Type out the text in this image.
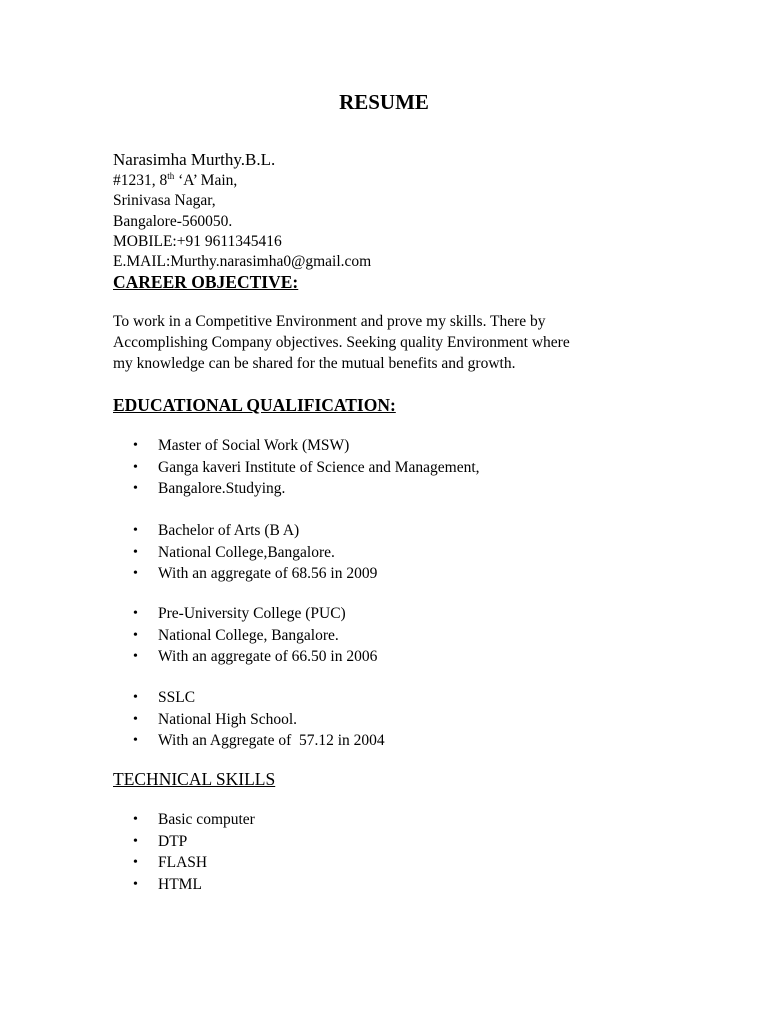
RESUME
Narasimha Murthy.B.L.
#1231, 8th ‘A’ Main,
Srinivasa Nagar,
Bangalore-560050.
MOBILE:+91 9611345416
E.MAIL:Murthy.narasimha0@gmail.com
CAREER OBJECTIVE:

To work in a Competitive Environment and prove my skills. There by
Accomplishing Company objectives. Seeking quality Environment where
my knowledge can be shared for the mutual benefits and growth.

EDUCATIONAL QUALIFICATION:
• Master of Social Work (MSW)
• Ganga kaveri Institute of Science and Management,
• Bangalore.Studying.
• Bachelor of Arts (B A)
• National College,Bangalore.
• With an aggregate of 68.56 in 2009
• Pre-University College (PUC)
• National College, Bangalore.
• With an aggregate of 66.50 in 2006
• SSLC
• National High School.
• With an Aggregate of  57.12 in 2004
TECHNICAL SKILLS
• Basic computer
• DTP
• FLASH
• HTML
